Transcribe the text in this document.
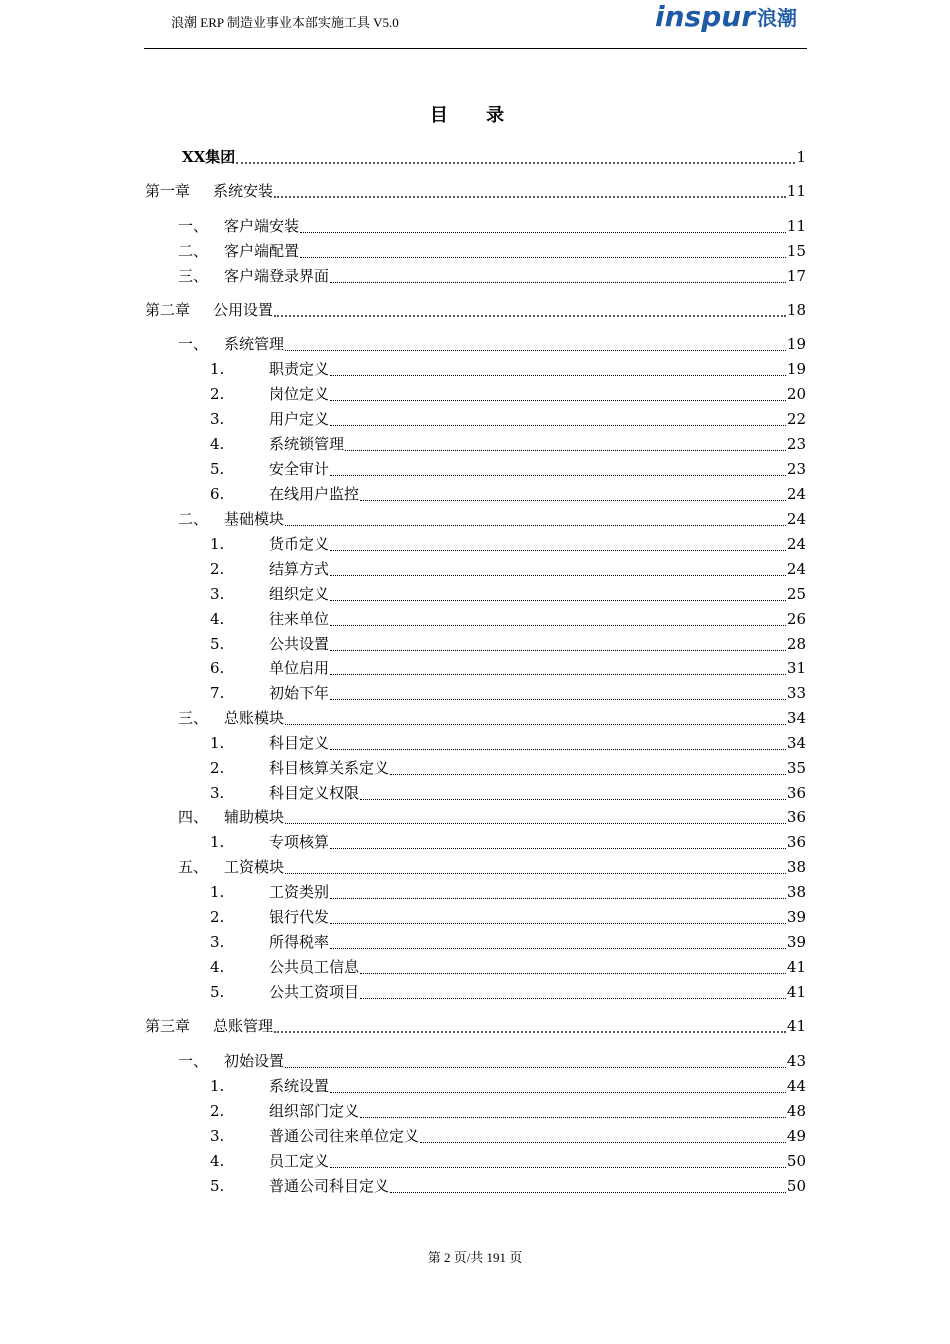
浪潮 ERP 制造业事业本部实施工具 V5.0	inspur 浪潮
目 录
XX集团	1
第一章	系统安装	11
一、	客户端安装	11
二、	客户端配置	15
三、	客户端登录界面	17
第二章	公用设置	18
一、	系统管理	19
1.	职责定义	19
2.	岗位定义	20
3.	用户定义	22
4.	系统锁管理	23
5.	安全审计	23
6.	在线用户监控	24
二、	基础模块	24
1.	货币定义	24
2.	结算方式	24
3.	组织定义	25
4.	往来单位	26
5.	公共设置	28
6.	单位启用	31
7.	初始下年	33
三、	总账模块	34
1.	科目定义	34
2.	科目核算关系定义	35
3.	科目定义权限	36
四、	辅助模块	36
1.	专项核算	36
五、	工资模块	38
1.	工资类别	38
2.	银行代发	39
3.	所得税率	39
4.	公共员工信息	41
5.	公共工资项目	41
第三章	总账管理	41
一、	初始设置	43
1.	系统设置	44
2.	组织部门定义	48
3.	普通公司往来单位定义	49
4.	员工定义	50
5.	普通公司科目定义	50
第 2 页/共 191 页
